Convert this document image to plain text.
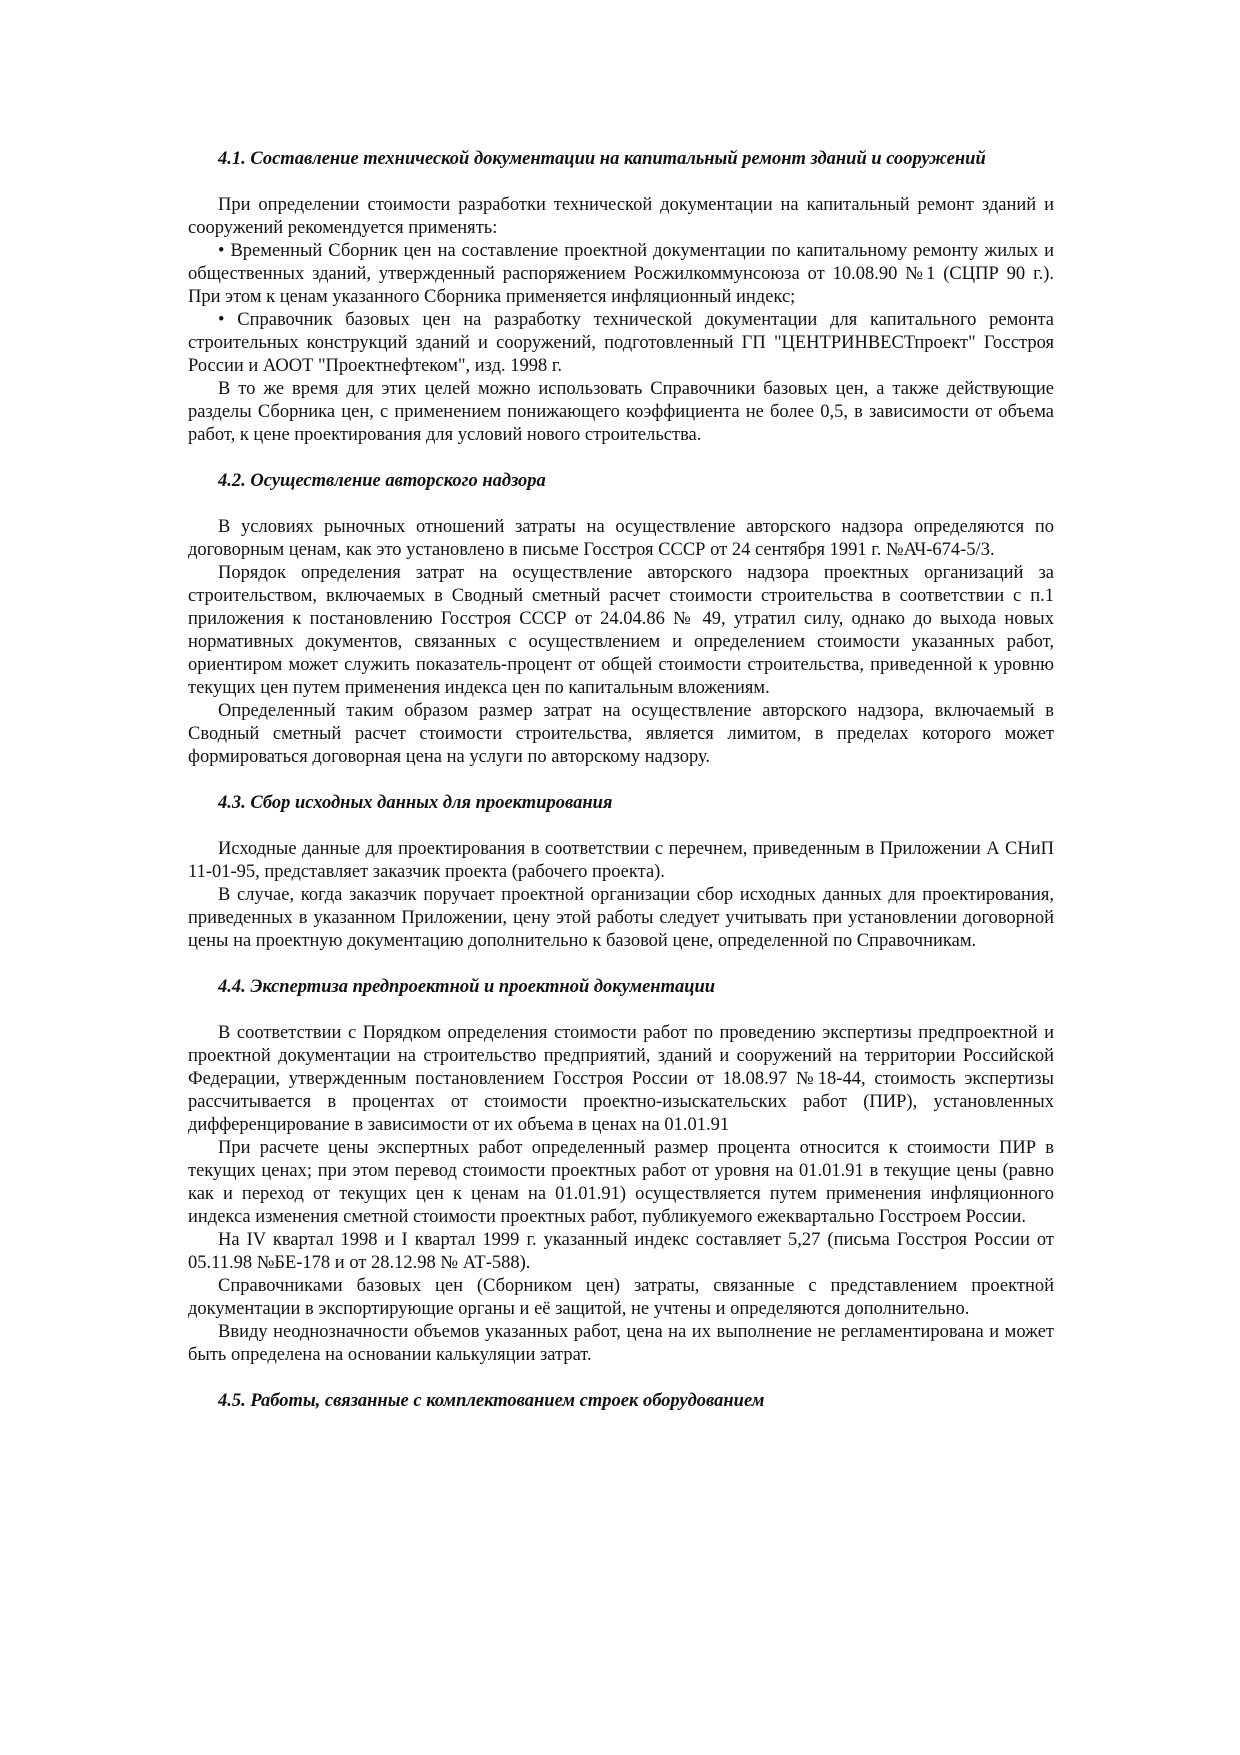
4.1. Составление технической документации на капитальный ремонт зданий и сооружений

При определении стоимости разработки технической документации на капитальный ремонт зданий и сооружений рекомендуется применять:

• Временный Сборник цен на составление проектной документации по капитальному ремонту жилых и общественных зданий, утвержденный распоряжением Росжилкоммунсоюза от 10.08.90 №1 (СЦПР 90 г.). При этом к ценам указанного Сборника применяется инфляционный индекс;

• Справочник базовых цен на разработку технической документации для капитального ремонта строительных конструкций зданий и сооружений, подготовленный ГП "ЦЕНТРИНВЕСТпроект" Госстроя России и АООТ "Проектнефтеком", изд. 1998 г.

В то же время для этих целей можно использовать Справочники базовых цен, а также действующие разделы Сборника цен, с применением понижающего коэффициента не более 0,5, в зависимости от объема работ, к цене проектирования для условий нового строительства.

4.2. Осуществление авторского надзора

В условиях рыночных отношений затраты на осуществление авторского надзора определяются по договорным ценам, как это установлено в письме Госстроя СССР от 24 сентября 1991 г. №АЧ-674-5/3.

Порядок определения затрат на осуществление авторского надзора проектных организаций за строительством, включаемых в Сводный сметный расчет стоимости строительства в соответствии с п.1 приложения к постановлению Госстроя СССР от 24.04.86 № 49, утратил силу, однако до выхода новых нормативных документов, связанных с осуществлением и определением стоимости указанных работ, ориентиром может служить показатель-процент от общей стоимости строительства, приведенной к уровню текущих цен путем применения индекса цен по капитальным вложениям.

Определенный таким образом размер затрат на осуществление авторского надзора, включаемый в Сводный сметный расчет стоимости строительства, является лимитом, в пределах которого может формироваться договорная цена на услуги по авторскому надзору.

4.3. Сбор исходных данных для проектирования

Исходные данные для проектирования в соответствии с перечнем, приведенным в Приложении А СНиП 11-01-95, представляет заказчик проекта (рабочего проекта).

В случае, когда заказчик поручает проектной организации сбор исходных данных для проектирования, приведенных в указанном Приложении, цену этой работы следует учитывать при установлении договорной цены на проектную документацию дополнительно к базовой цене, определенной по Справочникам.

4.4. Экспертиза предпроектной и проектной документации

В соответствии с Порядком определения стоимости работ по проведению экспертизы предпроектной и проектной документации на строительство предприятий, зданий и сооружений на территории Российской Федерации, утвержденным постановлением Госстроя России от 18.08.97 №18-44, стоимость экспертизы рассчитывается в процентах от стоимости проектно-изыскательских работ (ПИР), установленных дифференцирование в зависимости от их объема в ценах на 01.01.91

При расчете цены экспертных работ определенный размер процента относится к стоимости ПИР в текущих ценах; при этом перевод стоимости проектных работ от уровня на 01.01.91 в текущие цены (равно как и переход от текущих цен к ценам на 01.01.91) осуществляется путем применения инфляционного индекса изменения сметной стоимости проектных работ, публикуемого ежеквартально Госстроем России.

На IV квартал 1998 и I квартал 1999 г. указанный индекс составляет 5,27 (письма Госстроя России от 05.11.98 №БЕ-178 и от 28.12.98 № АТ-588).

Справочниками базовых цен (Сборником цен) затраты, связанные с представлением проектной документации в экспортирующие органы и её защитой, не учтены и определяются дополнительно.

Ввиду неоднозначности объемов указанных работ, цена на их выполнение не регламентирована и может быть определена на основании калькуляции затрат.

4.5. Работы, связанные с комплектованием строек оборудованием
